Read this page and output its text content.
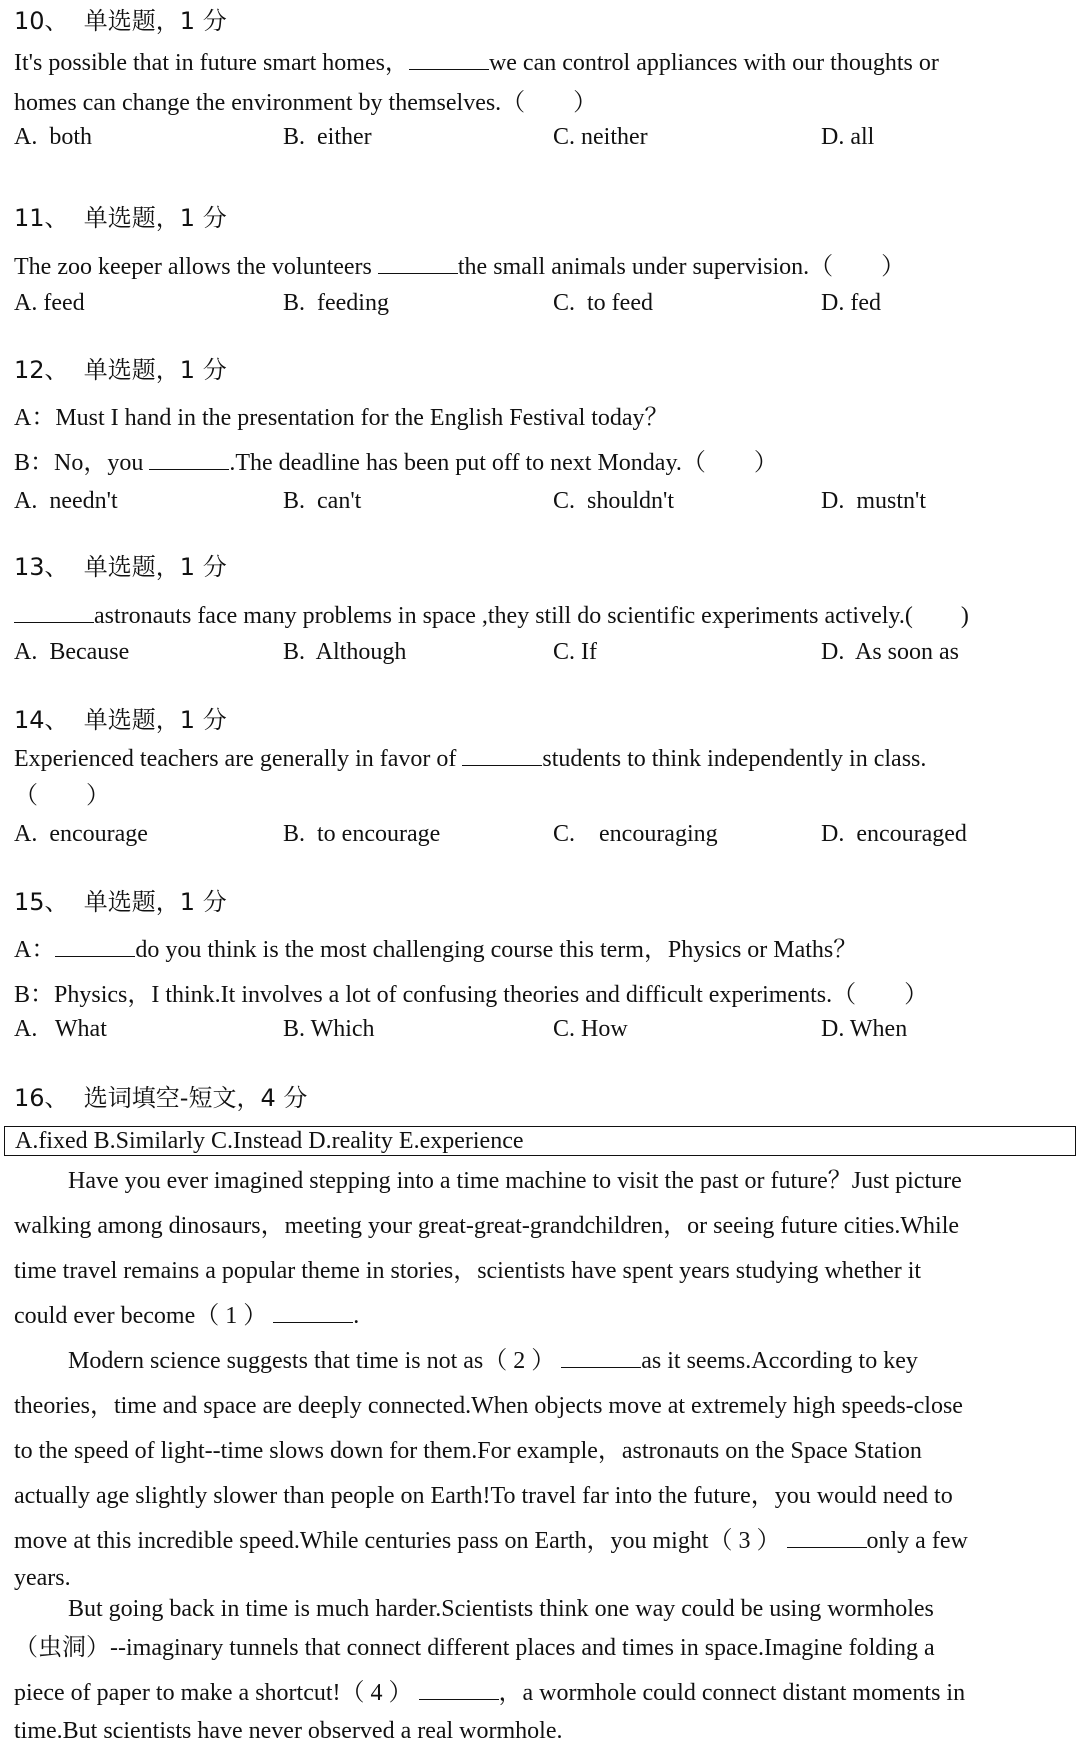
10、  单选题，1 分
It's possible that in future smart homes，	we can control appliances with our thoughts or
homes can change the environment by themselves.（        ）
A.  both	B.  either	C. neither	D. all
11、  单选题，1 分
The zoo keeper allows the volunteers	the small animals under supervision.（        ）
A. feed	B.  feeding	C.  to feed	D. fed
12、  单选题，1 分
A：Must I hand in the presentation for the English Festival today？
B：No，you	.The deadline has been put off to next Monday.（        ）
A.  needn't	B.  can't	C.  shouldn't	D.  mustn't
13、  单选题，1 分
astronauts face many problems in space ,they still do scientific experiments actively.(        )
A.  Because	B.  Although	C. If	D.  As soon as
14、  单选题，1 分
Experienced teachers are generally in favor of	students to think independently in class.
（        ）
A.  encourage	B.  to encourage	C.    encouraging	D.  encouraged
15、  单选题，1 分
A：	do you think is the most challenging course this term，Physics or Maths？
B：Physics，I think.It involves a lot of confusing theories and difficult experiments.（        ）
A.   What	B. Which	C. How	D. When
16、  选词填空-短文，4 分
A.fixed B.Similarly C.Instead D.reality E.experience
Have you ever imagined stepping into a time machine to visit the past or future？Just picture
walking among dinosaurs，meeting your great-great-grandchildren，or seeing future cities.While
time travel remains a popular theme in stories，scientists have spent years studying whether it
could ever become（ 1 ）	.
Modern science suggests that time is not as（ 2 ）	as it seems.According to key
theories，time and space are deeply connected.When objects move at extremely high speeds-close
to the speed of light--time slows down for them.For example，astronauts on the Space Station
actually age slightly slower than people on Earth!To travel far into the future，you would need to
move at this incredible speed.While centuries pass on Earth，you might（ 3 ）	only a few
years.
But going back in time is much harder.Scientists think one way could be using wormholes
（虫洞）--imaginary tunnels that connect different places and times in space.Imagine folding a
piece of paper to make a shortcut!（ 4 ）	，a wormhole could connect distant moments in
time.But scientists have never observed a real wormhole.
